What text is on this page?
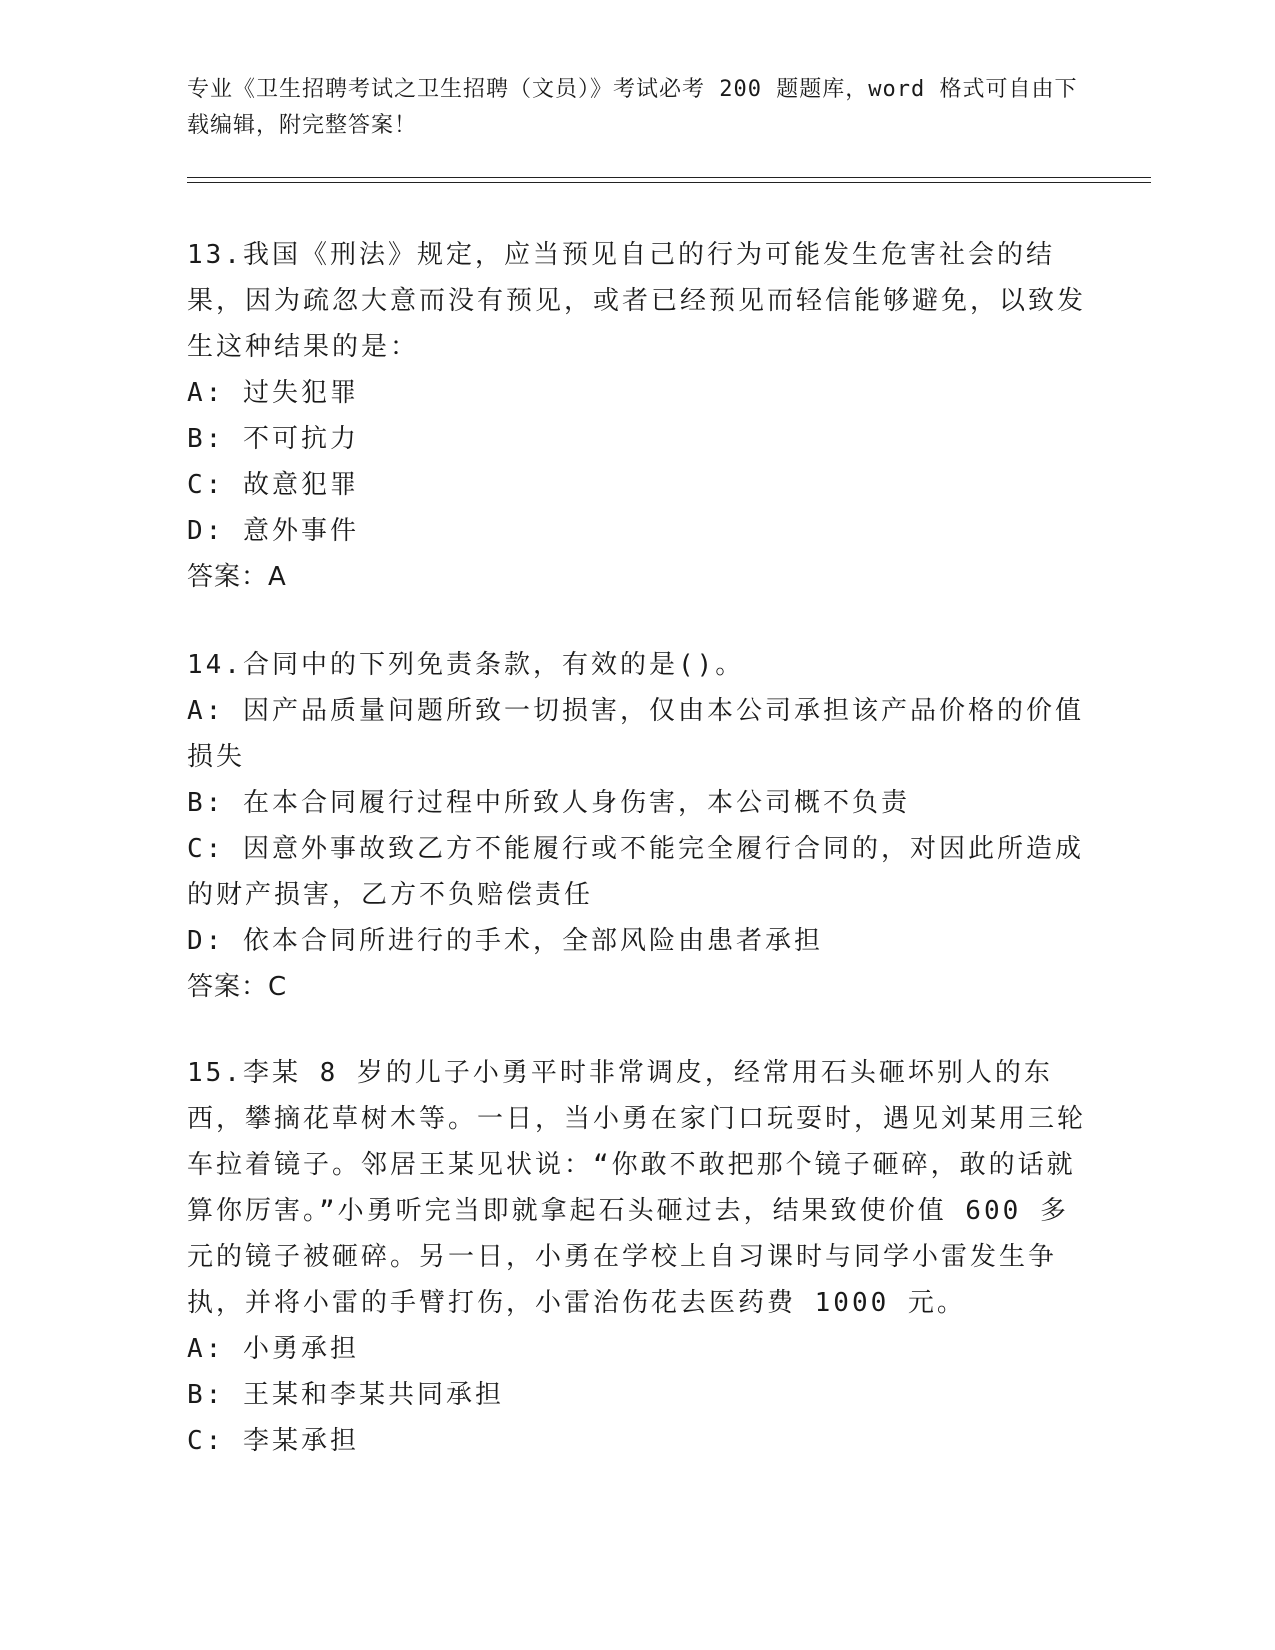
专业《卫生招聘考试之卫生招聘（文员）》考试必考 200 题题库，word 格式可自由下载编辑，附完整答案！
13.我国《刑法》规定，应当预见自己的行为可能发生危害社会的结果，因为疏忽大意而没有预见，或者已经预见而轻信能够避免，以致发生这种结果的是：
A: 过失犯罪
B: 不可抗力
C: 故意犯罪
D: 意外事件
答案：A
14.合同中的下列免责条款，有效的是()。
A: 因产品质量问题所致一切损害，仅由本公司承担该产品价格的价值损失
B: 在本合同履行过程中所致人身伤害，本公司概不负责
C: 因意外事故致乙方不能履行或不能完全履行合同的，对因此所造成的财产损害，乙方不负赔偿责任
D: 依本合同所进行的手术，全部风险由患者承担
答案：C
15.李某 8 岁的儿子小勇平时非常调皮，经常用石头砸坏别人的东西，攀摘花草树木等。一日，当小勇在家门口玩耍时，遇见刘某用三轮车拉着镜子。邻居王某见状说：“你敢不敢把那个镜子砸碎，敢的话就算你厉害。”小勇听完当即就拿起石头砸过去，结果致使价值 600 多元的镜子被砸碎。另一日，小勇在学校上自习课时与同学小雷发生争执，并将小雷的手臂打伤，小雷治伤花去医药费 1000 元。
A: 小勇承担
B: 王某和李某共同承担
C: 李某承担
